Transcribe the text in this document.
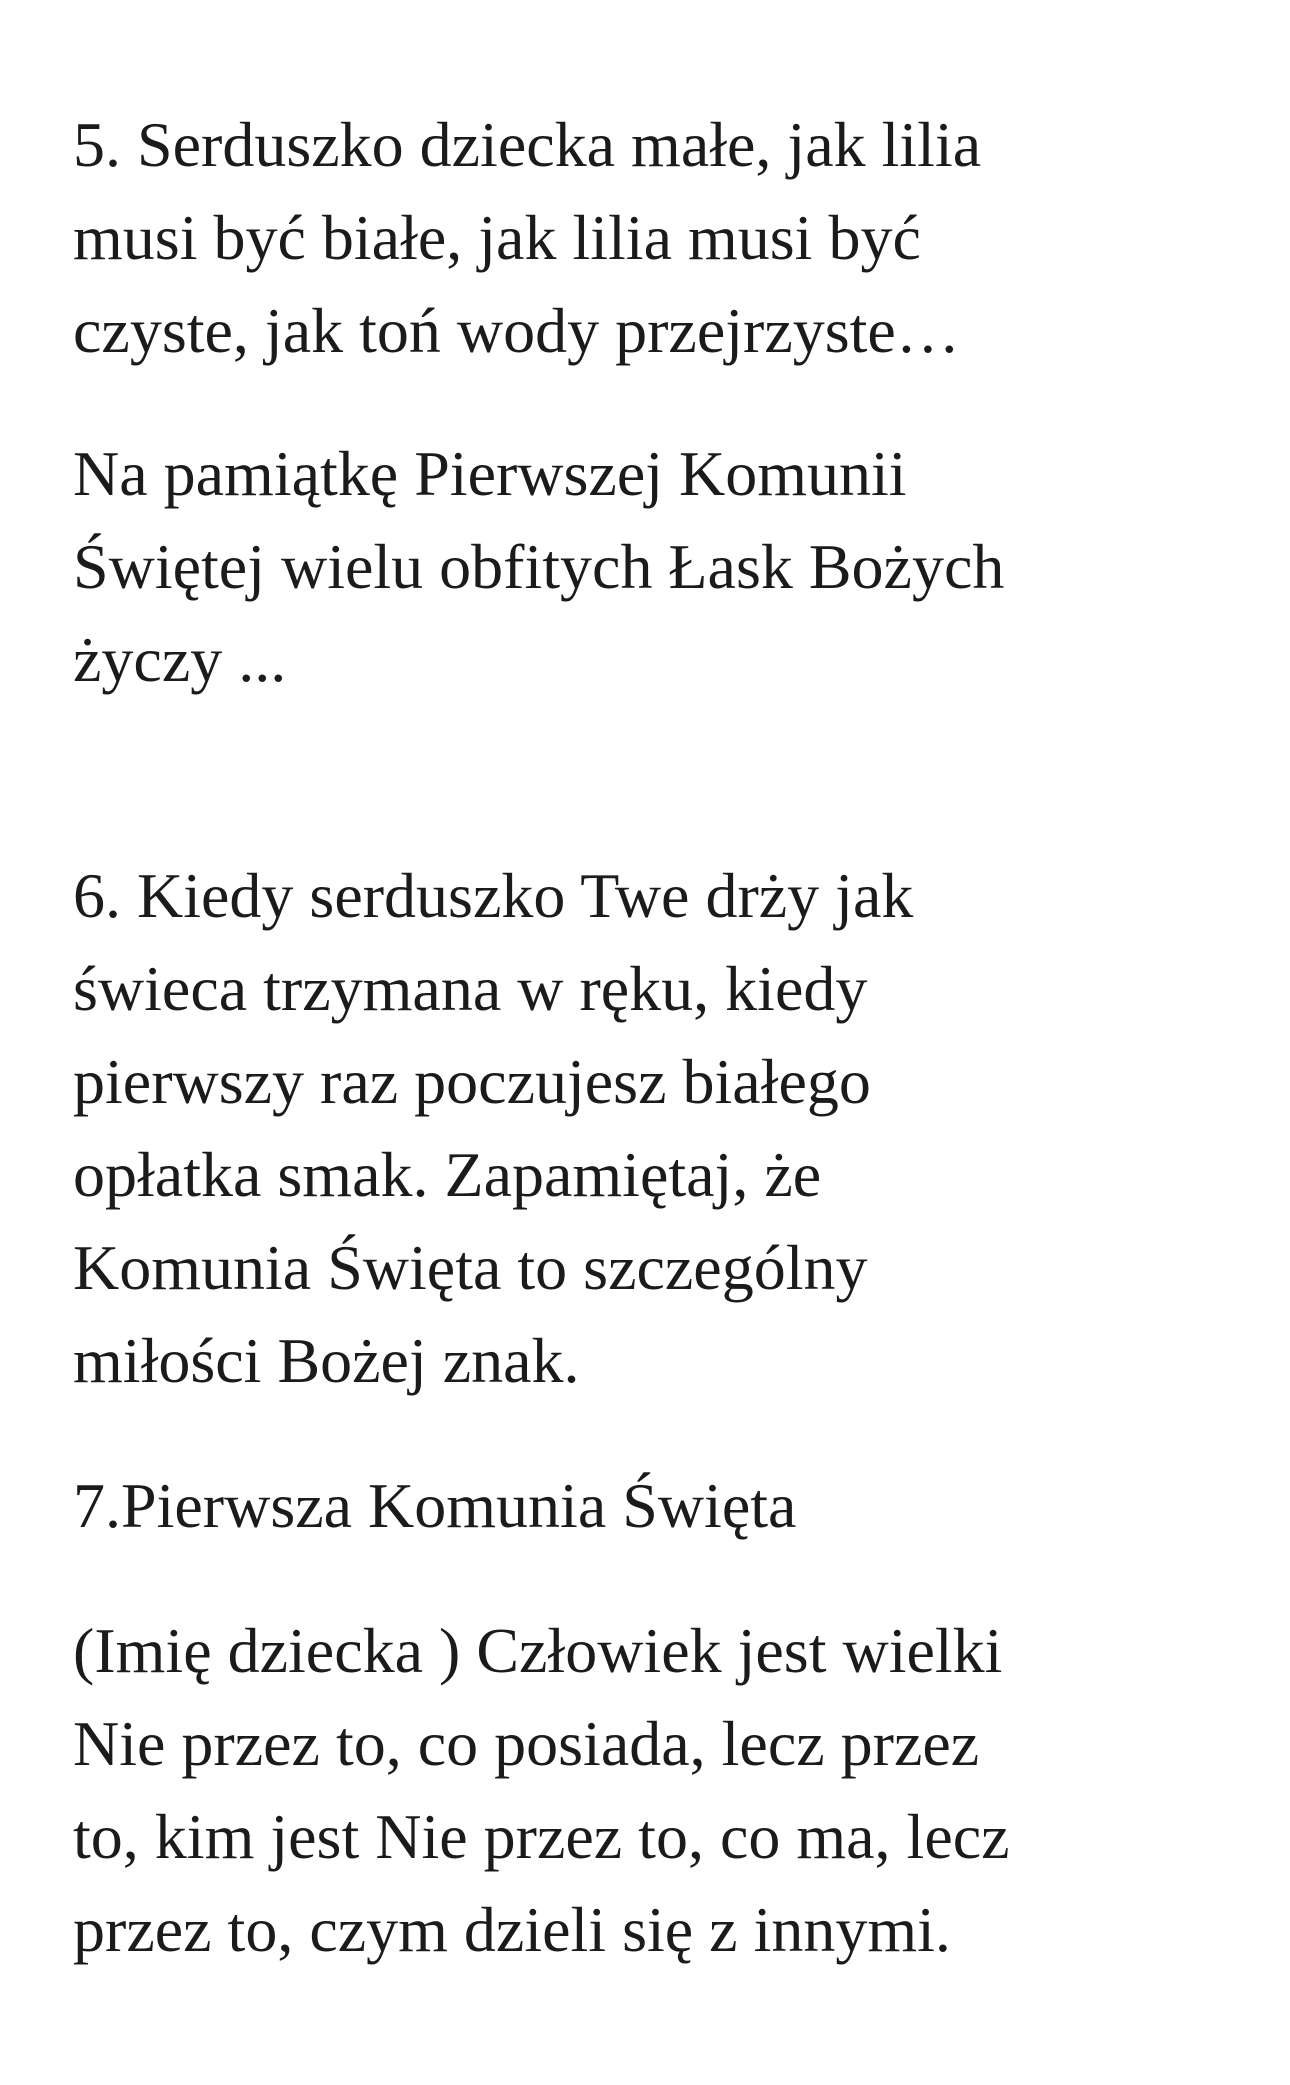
5. Serduszko dziecka małe, jak lilia
musi być białe, jak lilia musi być
czyste, jak toń wody przejrzyste…

Na pamiątkę Pierwszej Komunii
Świętej wielu obfitych Łask Bożych
życzy ...

6. Kiedy serduszko Twe drży jak
świeca trzymana w ręku, kiedy
pierwszy raz poczujesz białego
opłatka smak. Zapamiętaj, że
Komunia Święta to szczególny
miłości Bożej znak.

7.Pierwsza Komunia Święta

(Imię dziecka ) Człowiek jest wielki
Nie przez to, co posiada, lecz przez
to, kim jest Nie przez to, co ma, lecz
przez to, czym dzieli się z innymi.
